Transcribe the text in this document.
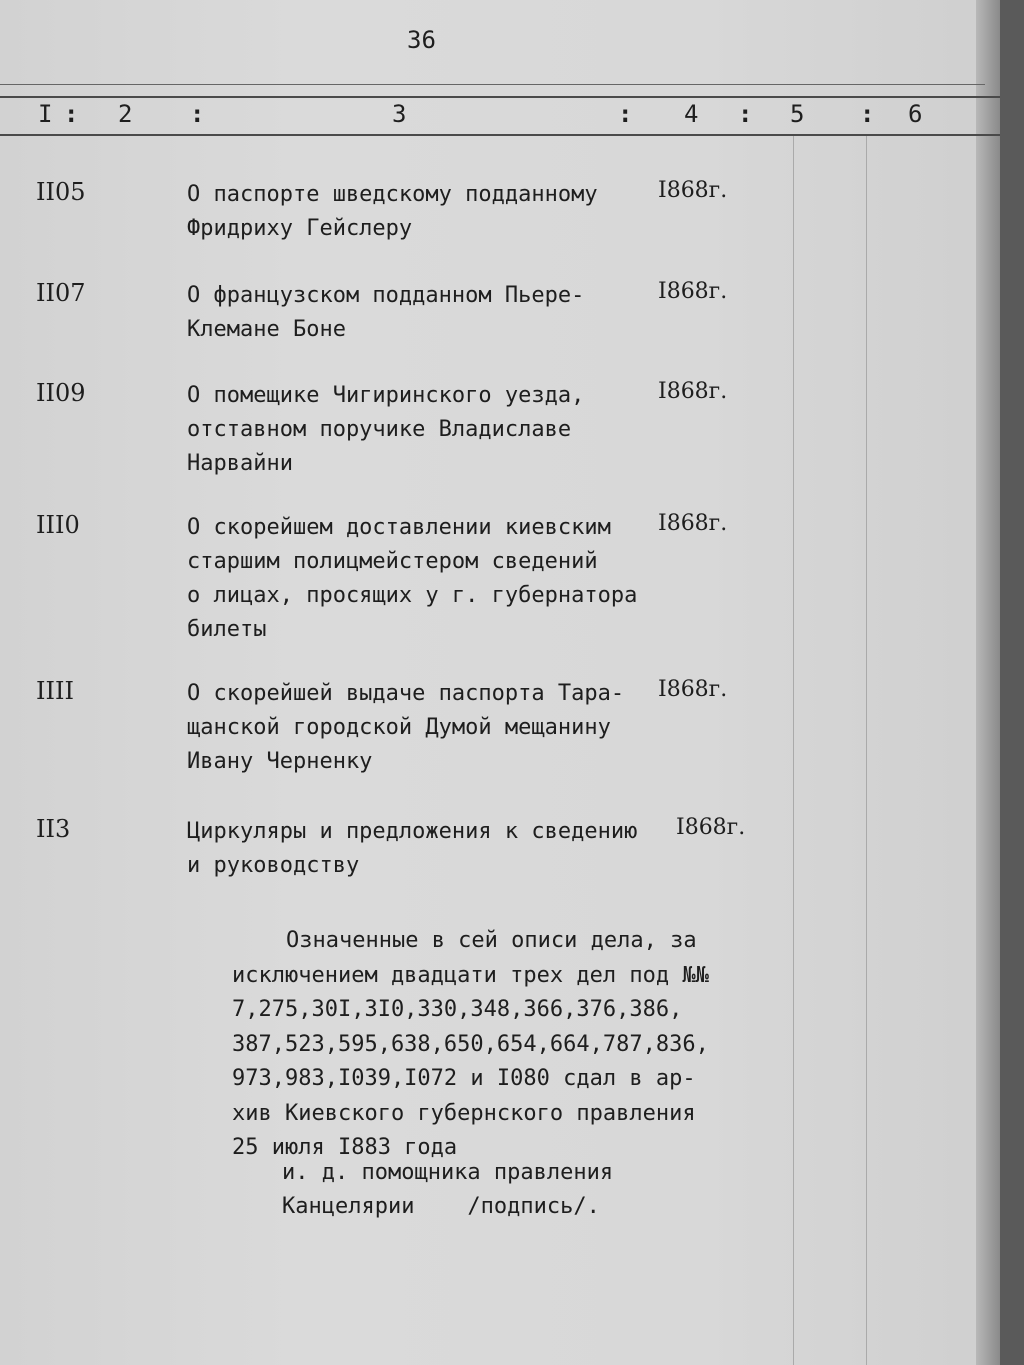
36
I : 2 :	3	: 4 : 5 : 6
II05	О паспорте шведскому подданному
Фридриху Гейслеру
I868г.
II07	О французском подданном Пьере-
Клемане Боне
I868г.
II09	О помещике Чигиринского уезда,
отставном поручике Владиславе
Нарвайни
I868г.
III0	О скорейшем доставлении киевским
старшим полицмейстером сведений
о лицах, просящих у г. губернатора
билеты
I868г.
IIII	О скорейшей выдаче паспорта Тара-
щанской городской Думой мещанину
Ивану Черненку
I868г.
II3	Циркуляры и предложения к сведению
и руководству
I868г.
Означенные в сей описи дела, за
исключением двадцати трех дел под №№
7,275,30I,3I0,330,348,366,376,386,
387,523,595,638,650,654,664,787,836,
973,983,I039,I072 и I080 сдал в ар-
хив Киевского губернского правления
25 июля I883 года
и. д. помощника правления
Канцелярии    /подпись/.
